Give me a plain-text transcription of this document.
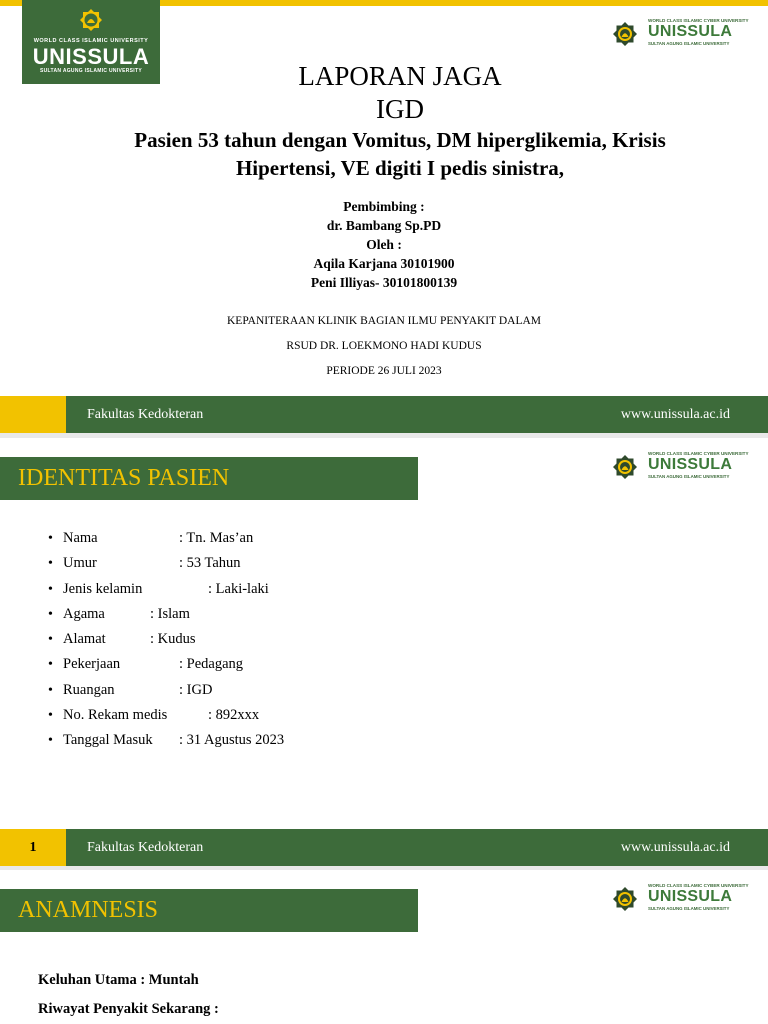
WORLD CLASS ISLAMIC UNIVERSITY
UNISSULA
SULTAN AGUNG ISLAMIC UNIVERSITY
WORLD CLASS ISLAMIC CYBER UNIVERSITY
UNISSULA
SULTAN AGUNG ISLAMIC UNIVERSITY
LAPORAN JAGA
IGD
Pasien 53 tahun dengan Vomitus, DM hiperglikemia, Krisis
Hipertensi, VE digiti I pedis sinistra,
Pembimbing :
dr. Bambang Sp.PD
Oleh :
Aqila Karjana 30101900
Peni Illiyas- 30101800139
KEPANITERAAN KLINIK BAGIAN ILMU PENYAKIT DALAM
RSUD DR. LOEKMONO HADI KUDUS
PERIODE 26 JULI 2023
Fakultas Kedokteran	www.unissula.ac.id
IDENTITAS PASIEN
WORLD CLASS ISLAMIC CYBER UNIVERSITY
UNISSULA
SULTAN AGUNG ISLAMIC UNIVERSITY
• Nama	: Tn. Mas’an
• Umur	: 53 Tahun
• Jenis kelamin	: Laki-laki
• Agama	: Islam
• Alamat	: Kudus
• Pekerjaan	: Pedagang
• Ruangan	: IGD
• No. Rekam medis	: 892xxx
• Tanggal Masuk : 31 Agustus 2023
1	Fakultas Kedokteran	www.unissula.ac.id
ANAMNESIS
WORLD CLASS ISLAMIC CYBER UNIVERSITY
UNISSULA
SULTAN AGUNG ISLAMIC UNIVERSITY
Keluhan Utama : Muntah
Riwayat Penyakit Sekarang :
